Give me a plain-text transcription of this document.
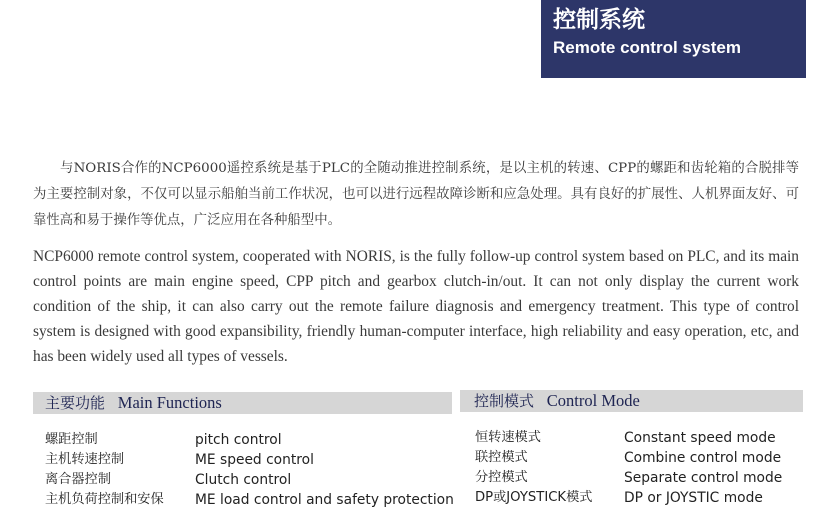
控制系统
Remote control system

与NORIS合作的NCP6000遥控系统是基于PLC的全随动推进控制系统，是以主机的转速、CPP的螺距和齿轮箱的合脱排等为主要控制对象，不仅可以显示船舶当前工作状况，也可以进行远程故障诊断和应急处理。具有良好的扩展性、人机界面友好、可靠性高和易于操作等优点，广泛应用在各种船型中。

NCP6000 remote control system, cooperated with NORIS, is the fully follow-up control system based on PLC, and its main control points are main engine speed, CPP pitch and gearbox clutch-in/out. It can not only display the current work condition of the ship, it can also carry out the remote failure diagnosis and emergency treatment. This type of control system is designed with good expansibility, friendly human-computer interface, high reliability and easy operation, etc, and has been widely used all types of vessels.

主要功能 Main Functions	控制模式 Control Mode
螺距控制	pitch control
主机转速控制	ME speed control
离合器控制	Clutch control
主机负荷控制和安保 ME load control and safety protection
恒转速模式	Constant speed mode
联控模式	Combine control mode
分控模式	Separate control mode
DP或JOYSTICK模式 DP or JOYSTIC mode
